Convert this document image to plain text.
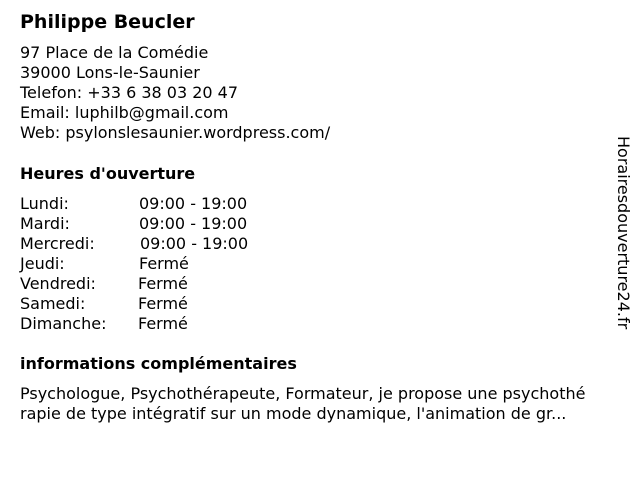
Philippe Beucler
97 Place de la Comédie
39000 Lons-le-Saunier
Telefon: +33 6 38 03 20 47
Email: luphilb@gmail.com
Web: psylonslesaunier.wordpress.com/
Heures d'ouverture
Lundi:	09:00 - 19:00
Mardi:	09:00 - 19:00
Mercredi:	09:00 - 19:00
Jeudi:	Fermé
Vendredi:	Fermé
Samedi:	Fermé
Dimanche: Fermé
informations complémentaires
Psychologue, Psychothérapeute, Formateur, je propose une psychothé
rapie de type intégratif sur un mode dynamique, l'animation de gr...
Horairesdouverture24.fr
